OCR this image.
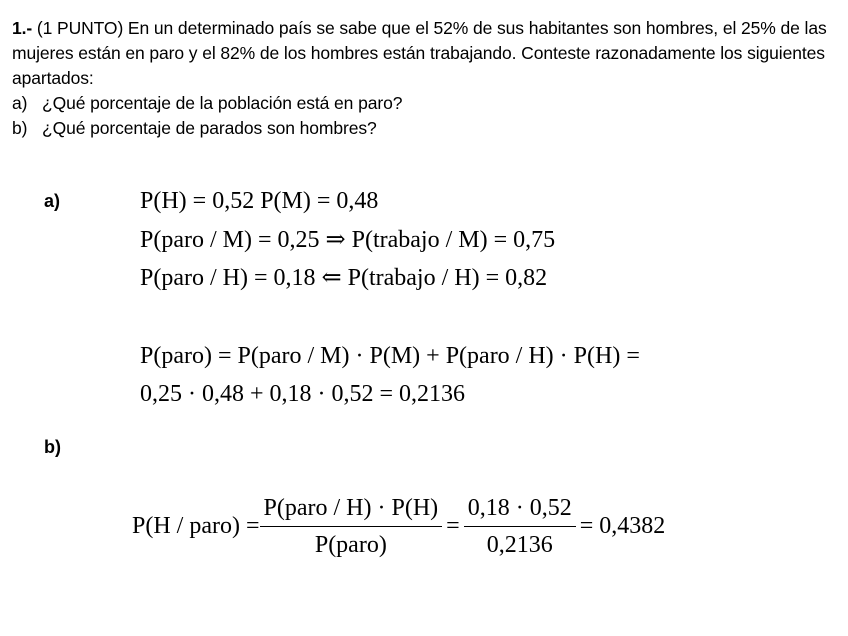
1.- (1 PUNTO) En un determinado país se sabe que el 52% de sus habitantes son hombres, el 25% de las mujeres están en paro y el 82% de los hombres están trabajando. Conteste razonadamente los siguientes apartados:

a) ¿Qué porcentaje de la población está en paro?
b) ¿Qué porcentaje de parados son hombres?
a)	P(H) = 0,52 P(M) = 0,48
P(paro / M) = 0,25 ⇒ P(trabajo / M) = 0,75
P(paro / H) = 0,18 ⇐ P(trabajo / H) = 0,82
P(paro) = P(paro / M) · P(M) + P(paro / H) · P(H) =
0,25 · 0,48 + 0,18 · 0,52 = 0,2136
b)
P(H / paro) = $\frac{\text{P(paro / H) · P(H)}}{\text{P(paro)}} = \frac{0,18 \cdot 0,52}{0,2136} = 0,4382$
